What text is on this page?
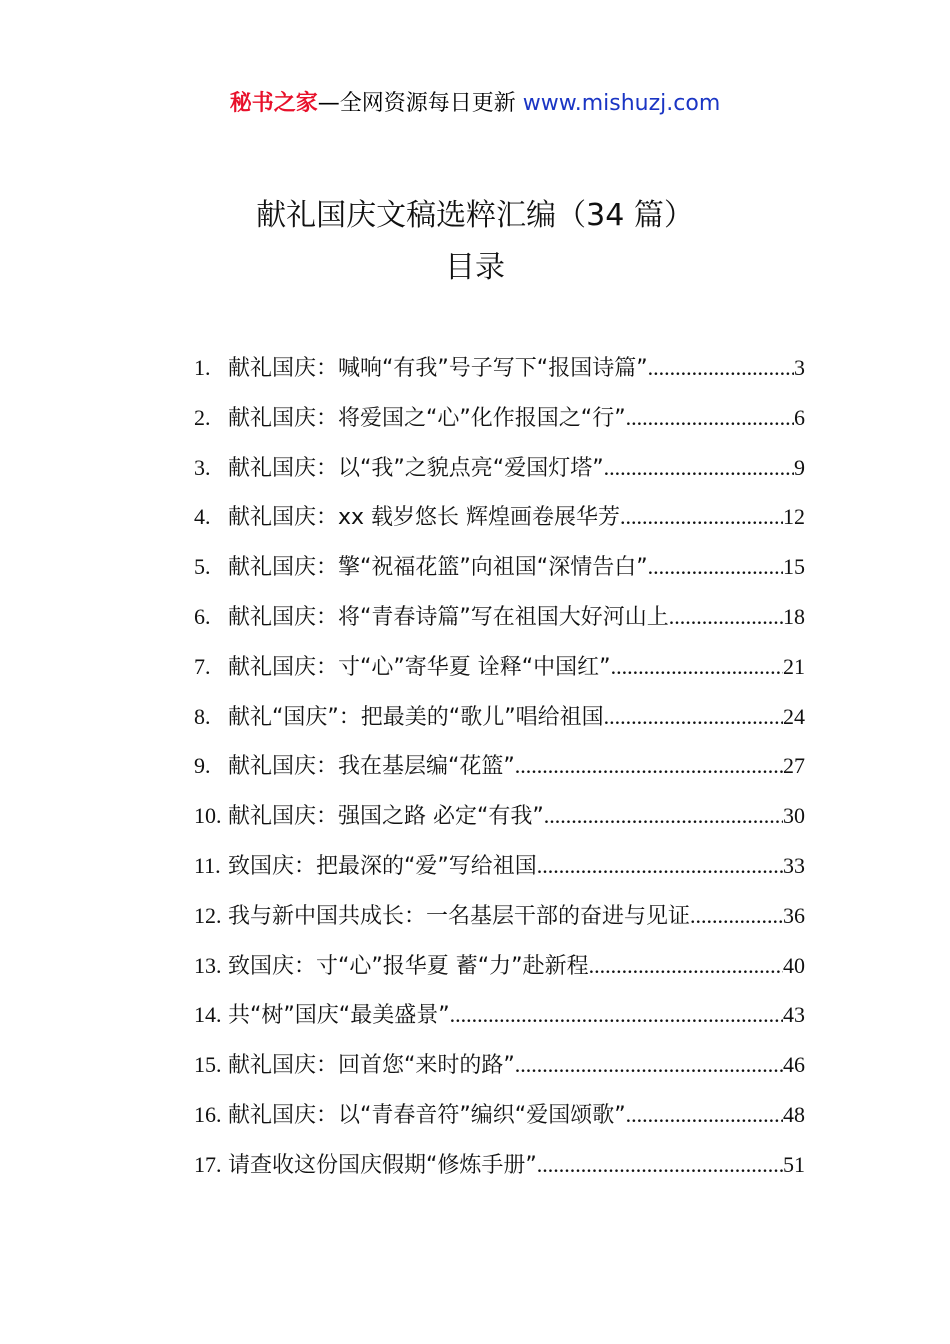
秘书之家—全网资源每日更新 www.mishuzj.com
献礼国庆文稿选粹汇编（34 篇）
目录
1. 献礼国庆：喊响“有我”号子写下“报国诗篇” .....	3
2. 献礼国庆：将爱国之“心”化作报国之“行” .....	6
3. 献礼国庆：以“我”之貌点亮“爱国灯塔” .....	9
4. 献礼国庆：xx 载岁悠长 辉煌画卷展华芳 .....	12
5. 献礼国庆：擎“祝福花篮”向祖国“深情告白” .....	15
6. 献礼国庆：将“青春诗篇”写在祖国大好河山上 .....	18
7. 献礼国庆：寸“心”寄华夏 诠释“中国红” .....	21
8. 献礼“国庆”：把最美的“歌儿”唱给祖国 .....	24
9. 献礼国庆：我在基层编“花篮” .....	27
10. 献礼国庆：强国之路 必定“有我” .....	30
11. 致国庆：把最深的“爱”写给祖国 .....	33
12. 我与新中国共成长：一名基层干部的奋进与见证 .....	36
13. 致国庆：寸“心”报华夏 蓄“力”赴新程 .....	40
14. 共“树”国庆“最美盛景” .....	43
15. 献礼国庆：回首您“来时的路” .....	46
16. 献礼国庆：以“青春音符”编织“爱国颂歌” .....	48
17. 请查收这份国庆假期“修炼手册” .....	51
